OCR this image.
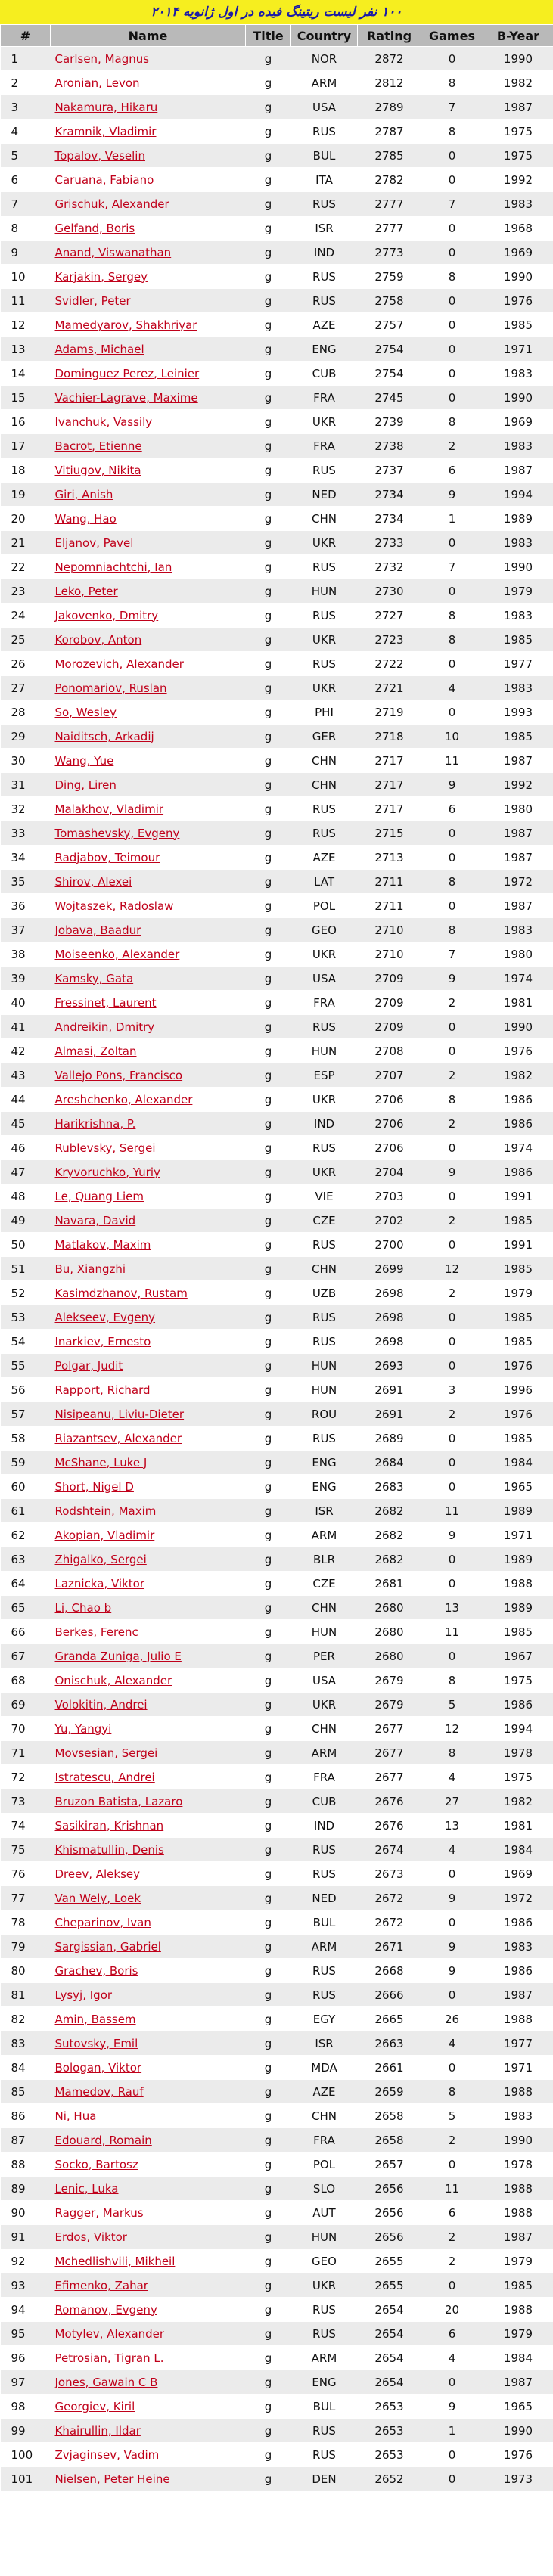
۱۰۰ نفر لیست ریتینگ فیده در اول ژانویه ۲۰۱۴
#	Name	Title	Country	Rating	Games	B-Year
1	Carlsen, Magnus	g	NOR	2872	0	1990
2	Aronian, Levon	g	ARM	2812	8	1982
3	Nakamura, Hikaru	g	USA	2789	7	1987
4	Kramnik, Vladimir	g	RUS	2787	8	1975
5	Topalov, Veselin	g	BUL	2785	0	1975
6	Caruana, Fabiano	g	ITA	2782	0	1992
7	Grischuk, Alexander	g	RUS	2777	7	1983
8	Gelfand, Boris	g	ISR	2777	0	1968
9	Anand, Viswanathan	g	IND	2773	0	1969
10	Karjakin, Sergey	g	RUS	2759	8	1990
11	Svidler, Peter	g	RUS	2758	0	1976
12	Mamedyarov, Shakhriyar	g	AZE	2757	0	1985
13	Adams, Michael	g	ENG	2754	0	1971
14	Dominguez Perez, Leinier	g	CUB	2754	0	1983
15	Vachier-Lagrave, Maxime	g	FRA	2745	0	1990
16	Ivanchuk, Vassily	g	UKR	2739	8	1969
17	Bacrot, Etienne	g	FRA	2738	2	1983
18	Vitiugov, Nikita	g	RUS	2737	6	1987
19	Giri, Anish	g	NED	2734	9	1994
20	Wang, Hao	g	CHN	2734	1	1989
21	Eljanov, Pavel	g	UKR	2733	0	1983
22	Nepomniachtchi, Ian	g	RUS	2732	7	1990
23	Leko, Peter	g	HUN	2730	0	1979
24	Jakovenko, Dmitry	g	RUS	2727	8	1983
25	Korobov, Anton	g	UKR	2723	8	1985
26	Morozevich, Alexander	g	RUS	2722	0	1977
27	Ponomariov, Ruslan	g	UKR	2721	4	1983
28	So, Wesley	g	PHI	2719	0	1993
29	Naiditsch, Arkadij	g	GER	2718	10	1985
30	Wang, Yue	g	CHN	2717	11	1987
31	Ding, Liren	g	CHN	2717	9	1992
32	Malakhov, Vladimir	g	RUS	2717	6	1980
33	Tomashevsky, Evgeny	g	RUS	2715	0	1987
34	Radjabov, Teimour	g	AZE	2713	0	1987
35	Shirov, Alexei	g	LAT	2711	8	1972
36	Wojtaszek, Radoslaw	g	POL	2711	0	1987
37	Jobava, Baadur	g	GEO	2710	8	1983
38	Moiseenko, Alexander	g	UKR	2710	7	1980
39	Kamsky, Gata	g	USA	2709	9	1974
40	Fressinet, Laurent	g	FRA	2709	2	1981
41	Andreikin, Dmitry	g	RUS	2709	0	1990
42	Almasi, Zoltan	g	HUN	2708	0	1976
43	Vallejo Pons, Francisco	g	ESP	2707	2	1982
44	Areshchenko, Alexander	g	UKR	2706	8	1986
45	Harikrishna, P.	g	IND	2706	2	1986
46	Rublevsky, Sergei	g	RUS	2706	0	1974
47	Kryvoruchko, Yuriy	g	UKR	2704	9	1986
48	Le, Quang Liem	g	VIE	2703	0	1991
49	Navara, David	g	CZE	2702	2	1985
50	Matlakov, Maxim	g	RUS	2700	0	1991
51	Bu, Xiangzhi	g	CHN	2699	12	1985
52	Kasimdzhanov, Rustam	g	UZB	2698	2	1979
53	Alekseev, Evgeny	g	RUS	2698	0	1985
54	Inarkiev, Ernesto	g	RUS	2698	0	1985
55	Polgar, Judit	g	HUN	2693	0	1976
56	Rapport, Richard	g	HUN	2691	3	1996
57	Nisipeanu, Liviu-Dieter	g	ROU	2691	2	1976
58	Riazantsev, Alexander	g	RUS	2689	0	1985
59	McShane, Luke J	g	ENG	2684	0	1984
60	Short, Nigel D	g	ENG	2683	0	1965
61	Rodshtein, Maxim	g	ISR	2682	11	1989
62	Akopian, Vladimir	g	ARM	2682	9	1971
63	Zhigalko, Sergei	g	BLR	2682	0	1989
64	Laznicka, Viktor	g	CZE	2681	0	1988
65	Li, Chao b	g	CHN	2680	13	1989
66	Berkes, Ferenc	g	HUN	2680	11	1985
67	Granda Zuniga, Julio E	g	PER	2680	0	1967
68	Onischuk, Alexander	g	USA	2679	8	1975
69	Volokitin, Andrei	g	UKR	2679	5	1986
70	Yu, Yangyi	g	CHN	2677	12	1994
71	Movsesian, Sergei	g	ARM	2677	8	1978
72	Istratescu, Andrei	g	FRA	2677	4	1975
73	Bruzon Batista, Lazaro	g	CUB	2676	27	1982
74	Sasikiran, Krishnan	g	IND	2676	13	1981
75	Khismatullin, Denis	g	RUS	2674	4	1984
76	Dreev, Aleksey	g	RUS	2673	0	1969
77	Van Wely, Loek	g	NED	2672	9	1972
78	Cheparinov, Ivan	g	BUL	2672	0	1986
79	Sargissian, Gabriel	g	ARM	2671	9	1983
80	Grachev, Boris	g	RUS	2668	9	1986
81	Lysyj, Igor	g	RUS	2666	0	1987
82	Amin, Bassem	g	EGY	2665	26	1988
83	Sutovsky, Emil	g	ISR	2663	4	1977
84	Bologan, Viktor	g	MDA	2661	0	1971
85	Mamedov, Rauf	g	AZE	2659	8	1988
86	Ni, Hua	g	CHN	2658	5	1983
87	Edouard, Romain	g	FRA	2658	2	1990
88	Socko, Bartosz	g	POL	2657	0	1978
89	Lenic, Luka	g	SLO	2656	11	1988
90	Ragger, Markus	g	AUT	2656	6	1988
91	Erdos, Viktor	g	HUN	2656	2	1987
92	Mchedlishvili, Mikheil	g	GEO	2655	2	1979
93	Efimenko, Zahar	g	UKR	2655	0	1985
94	Romanov, Evgeny	g	RUS	2654	20	1988
95	Motylev, Alexander	g	RUS	2654	6	1979
96	Petrosian, Tigran L.	g	ARM	2654	4	1984
97	Jones, Gawain C B	g	ENG	2654	0	1987
98	Georgiev, Kiril	g	BUL	2653	9	1965
99	Khairullin, Ildar	g	RUS	2653	1	1990
100	Zvjaginsev, Vadim	g	RUS	2653	0	1976
101	Nielsen, Peter Heine	g	DEN	2652	0	1973
